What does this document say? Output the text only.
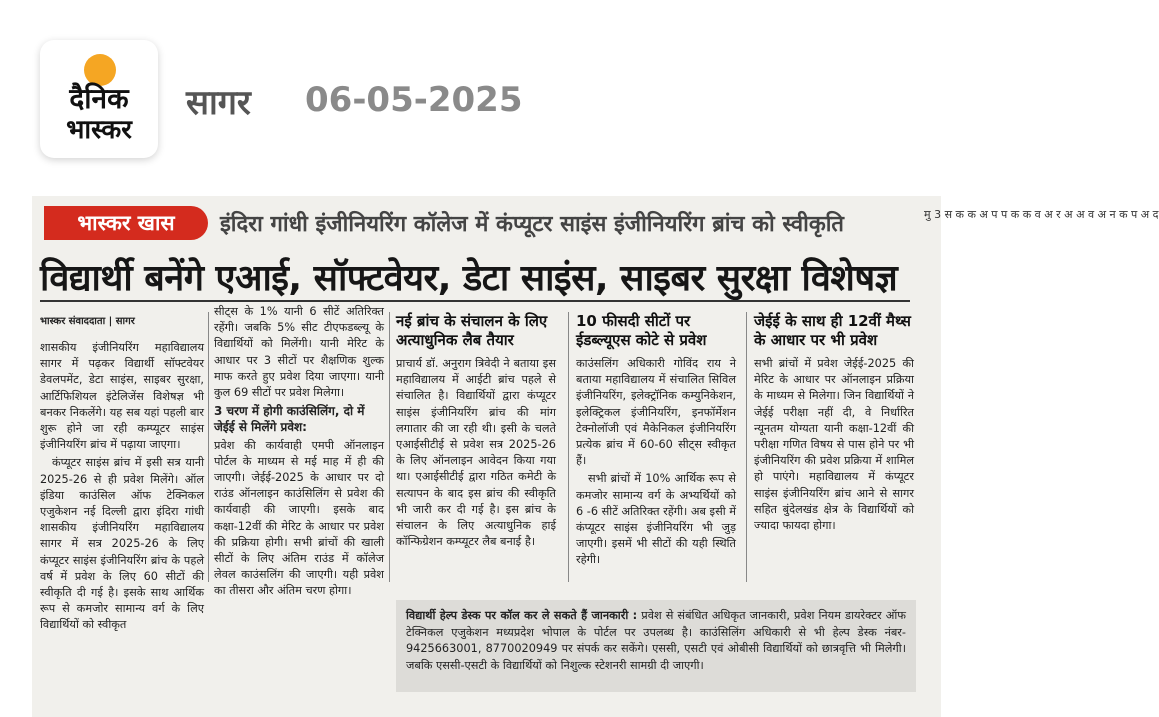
दैनिक
भास्कर
सागर 06-05-2025
भास्कर खास	इंदिरा गांधी इंजीनियरिंग कॉलेज में कंप्यूटर साइंस इंजीनियरिंग ब्रांच को स्वीकृति
विद्यार्थी बनेंगे एआई, सॉफ्टवेयर, डेटा साइंस, साइबर सुरक्षा विशेषज्ञ
भास्कर संवाददाता | सागर

शासकीय इंजीनियरिंग महाविद्यालय सागर में पढ़कर विद्यार्थी सॉफ्टवेयर डेवलपमेंट, डेटा साइंस, साइबर सुरक्षा, आर्टिफिशियल इंटेलिजेंस विशेषज्ञ भी बनकर निकलेंगे। यह सब यहां पहली बार शुरू होने जा रही कम्प्यूटर साइंस इंजीनियरिंग ब्रांच में पढ़ाया जाएगा।

कंप्यूटर साइंस ब्रांच में इसी सत्र यानी 2025-26 से ही प्रवेश मिलेंगे। ऑल इंडिया काउंसिल ऑफ टेक्निकल एजुकेशन नई दिल्ली द्वारा इंदिरा गांधी शासकीय इंजीनियरिंग महाविद्यालय सागर में सत्र 2025-26 के लिए कंप्यूटर साइंस इंजीनियरिंग ब्रांच के पहले वर्ष में प्रवेश के लिए 60 सीटों की स्वीकृति दी गई है। इसके साथ आर्थिक रूप से कमजोर सामान्य वर्ग के लिए विद्यार्थियों को स्वीकृत

सीट्स के 1% यानी 6 सीटें अतिरिक्त रहेंगी। जबकि 5% सीट टीएफडब्ल्यू के विद्यार्थियों को मिलेंगी। यानी मेरिट के आधार पर 3 सीटों पर शैक्षणिक शुल्क माफ करते हुए प्रवेश दिया जाएगा। यानी कुल 69 सीटों पर प्रवेश मिलेगा।

3 चरण में होगी काउंसिलिंग, दो में जेईई से मिलेंगे प्रवेश:

प्रवेश की कार्यवाही एमपी ऑनलाइन पोर्टल के माध्यम से मई माह में ही की जाएगी। जेईई-2025 के आधार पर दो राउंड ऑनलाइन काउंसिलिंग से प्रवेश की कार्यवाही की जाएगी। इसके बाद कक्षा-12वीं की मेरिट के आधार पर प्रवेश की प्रक्रिया होगी। सभी ब्रांचों की खाली सीटों के लिए अंतिम राउंड में कॉलेज लेवल काउंसलिंग की जाएगी। यही प्रवेश का तीसरा और अंतिम चरण होगा।

नई ब्रांच के संचालन के लिए अत्याधुनिक लैब तैयार

प्राचार्य डॉ. अनुराग त्रिवेदी ने बताया इस महाविद्यालय में आईटी ब्रांच पहले से संचालित है। विद्यार्थियों द्वारा कंप्यूटर साइंस इंजीनियरिंग ब्रांच की मांग लगातार की जा रही थी। इसी के चलते एआईसीटीई से प्रवेश सत्र 2025-26 के लिए ऑनलाइन आवेदन किया गया था। एआईसीटीई द्वारा गठित कमेटी के सत्यापन के बाद इस ब्रांच की स्वीकृति भी जारी कर दी गई है। इस ब्रांच के संचालन के लिए अत्याधुनिक हाई कॉन्फिग्रेशन कम्प्यूटर लैब बनाई है।

10 फीसदी सीटों पर ईडब्ल्यूएस कोटे से प्रवेश

काउंसलिंग अधिकारी गोविंद राय ने बताया महाविद्यालय में संचालित सिविल इंजीनियरिंग, इलेक्ट्रॉनिक कम्युनिकेशन, इलेक्ट्रिकल इंजीनियरिंग, इनफॉर्मेशन टेक्नोलॉजी एवं मैकेनिकल इंजीनियरिंग प्रत्येक ब्रांच में 60-60 सीट्स स्वीकृत हैं।

सभी ब्रांचों में 10% आर्थिक रूप से कमजोर सामान्य वर्ग के अभ्यर्थियों को 6 -6 सीटें अतिरिक्त रहेंगी। अब इसी में कंप्यूटर साइंस इंजीनियरिंग भी जुड़ जाएगी। इसमें भी सीटों की यही स्थिति रहेगी।

जेईई के साथ ही 12वीं मैथ्स के आधार पर भी प्रवेश

सभी ब्रांचों में प्रवेश जेईई-2025 की मेरिट के आधार पर ऑनलाइन प्रक्रिया के माध्यम से मिलेगा। जिन विद्यार्थियों ने जेईई परीक्षा नहीं दी, वे निर्धारित न्यूनतम योग्यता यानी कक्षा-12वीं की परीक्षा गणित विषय से पास होने पर भी इंजीनियरिंग की प्रवेश प्रक्रिया में शामिल हो पाएंगे। महाविद्यालय में कंप्यूटर साइंस इंजीनियरिंग ब्रांच आने से सागर सहित बुंदेलखंड क्षेत्र के विद्यार्थियों को ज्यादा फायदा होगा।

विद्यार्थी हेल्प डेस्क पर कॉल कर ले सकते हैं जानकारी : प्रवेश से संबंधित अधिकृत जानकारी, प्रवेश नियम डायरेक्टर ऑफ टेक्निकल एजुकेशन मध्यप्रदेश भोपाल के पोर्टल पर उपलब्ध है। काउंसिलिंग अधिकारी से भी हेल्प डेस्क नंबर- 9425663001, 8770020949 पर संपर्क कर सकेंगे। एससी, एसटी एवं ओबीसी विद्यार्थियों को छात्रवृत्ति भी मिलेगी। जबकि एससी-एसटी के विद्यार्थियों को निशुल्क स्टेशनरी सामग्री दी जाएगी।
मु 3 स क क अ प प क क व अ र अ अ व अ न क प अ द
